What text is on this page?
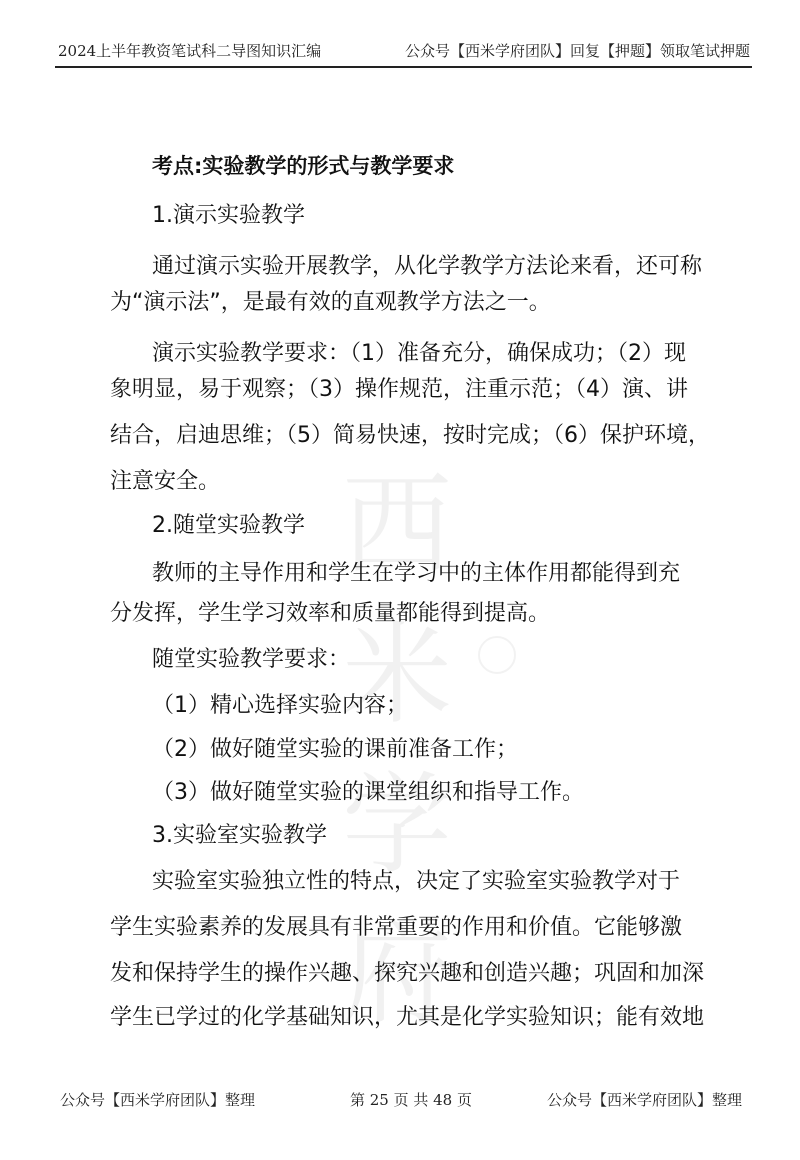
2024上半年教资笔试科二导图知识汇编	公众号【西米学府团队】回复【押题】领取笔试押题
西米
学府
考点:实验教学的形式与教学要求
1.演示实验教学
通过演示实验开展教学，从化学教学方法论来看，还可称
为“演示法”，是最有效的直观教学方法之一。
演示实验教学要求：（1）准备充分，确保成功；（2）现
象明显，易于观察；（3）操作规范，注重示范；（4）演、讲
结合，启迪思维；（5）简易快速，按时完成；（6）保护环境，
注意安全。
2.随堂实验教学
教师的主导作用和学生在学习中的主体作用都能得到充
分发挥，学生学习效率和质量都能得到提高。
随堂实验教学要求：
（1）精心选择实验内容；
（2）做好随堂实验的课前准备工作；
（3）做好随堂实验的课堂组织和指导工作。
3.实验室实验教学
实验室实验独立性的特点，决定了实验室实验教学对于
学生实验素养的发展具有非常重要的作用和价值。它能够激
发和保持学生的操作兴趣、探究兴趣和创造兴趣；巩固和加深
学生已学过的化学基础知识，尤其是化学实验知识；能有效地
公众号【西米学府团队】整理	第 25 页 共 48 页	公众号【西米学府团队】整理
